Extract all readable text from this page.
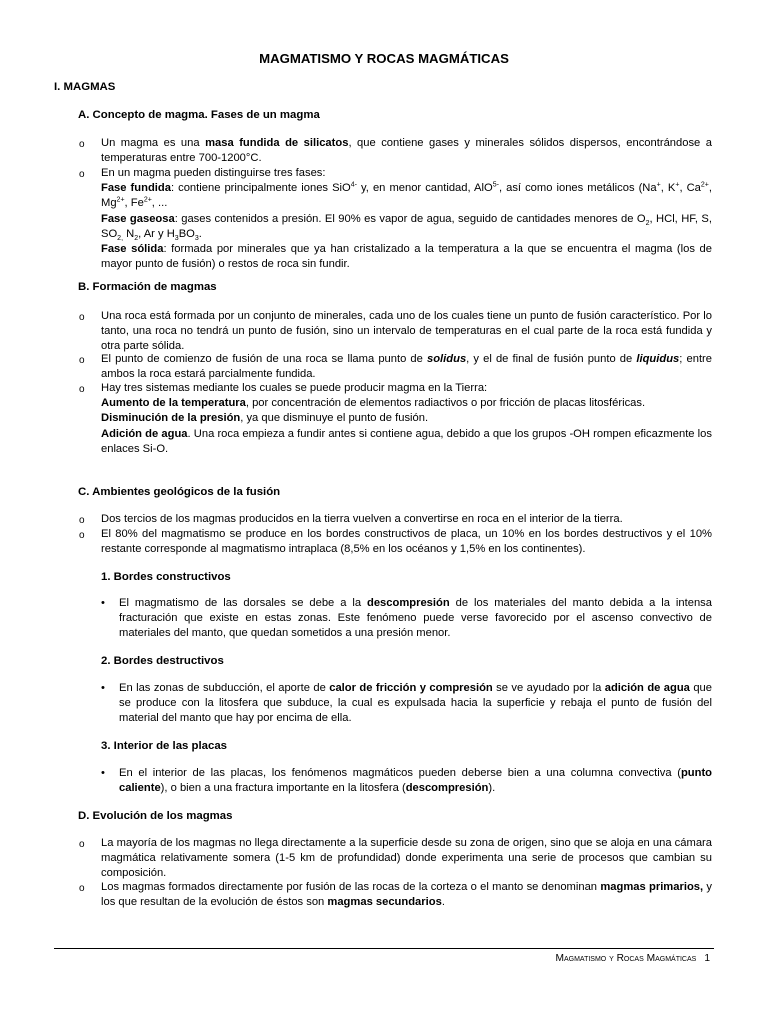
MAGMATISMO Y ROCAS MAGMÁTICAS
I. MAGMAS
A. Concepto de magma. Fases de un magma
o Un magma es una masa fundida de silicatos, que contiene gases y minerales sólidos dispersos, encontrándose a temperaturas entre 700-1200°C.
o En un magma pueden distinguirse tres fases:
Fase fundida: contiene principalmente iones SiO$^{4-}$ y, en menor cantidad, AlO$^{5-}$, así como iones metálicos (Na+, K+, $Ca^{2+}$, $Mg^{2+}$, $Fe^{2+}$, ...
Fase gaseosa: gases contenidos a presión. El 90% es vapor de agua, seguido de cantidades menores de $O_2$, HCl, HF, S, $SO_{2,}$ $N_2$, Ar y $H_3BO_3$.
Fase sólida: formada por minerales que ya han cristalizado a la temperatura a la que se encuentra el magma (los de mayor punto de fusión) o restos de roca sin fundir.
B. Formación de magmas
o Una roca está formada por un conjunto de minerales, cada uno de los cuales tiene un punto de fusión característico. Por lo tanto, una roca no tendrá un punto de fusión, sino un intervalo de temperaturas en el cual parte de la roca está fundida y otra parte sólida.
o El punto de comienzo de fusión de una roca se llama punto de solidus, y el de final de fusión punto de liquidus; entre ambos la roca estará parcialmente fundida.
o Hay tres sistemas mediante los cuales se puede producir magma en la Tierra:
Aumento de la temperatura, por concentración de elementos radiactivos o por fricción de placas litosféricas.
Disminución de la presión, ya que disminuye el punto de fusión.
Adición de agua. Una roca empieza a fundir antes si contiene agua, debido a que los grupos -OH rompen eficazmente los enlaces Si-O.
C. Ambientes geológicos de la fusión
o Dos tercios de los magmas producidos en la tierra vuelven a convertirse en roca en el interior de la tierra.
o El 80% del magmatismo se produce en los bordes constructivos de placa, un 10% en los bordes destructivos y el 10% restante corresponde al magmatismo intraplaca (8,5% en los océanos y 1,5% en los continentes).
1. Bordes constructivos
• El magmatismo de las dorsales se debe a la descompresión de los materiales del manto debida a la intensa fracturación que existe en estas zonas. Este fenómeno puede verse favorecido por el ascenso convectivo de materiales del manto, que quedan sometidos a una presión menor.
2. Bordes destructivos
• En las zonas de subducción, el aporte de calor de fricción y compresión se ve ayudado por la adición de agua que se produce con la litosfera que subduce, la cual es expulsada hacia la superficie y rebaja el punto de fusión del material del manto que hay por encima de ella.
3. Interior de las placas
• En el interior de las placas, los fenómenos magmáticos pueden deberse bien a una columna convectiva (punto caliente), o bien a una fractura importante en la litosfera (descompresión).
D. Evolución de los magmas
o La mayoría de los magmas no llega directamente a la superficie desde su zona de origen, sino que se aloja en una cámara magmática relativamente somera (1-5 km de profundidad) donde experimenta una serie de procesos que cambian su composición.
o Los magmas formados directamente por fusión de las rocas de la corteza o el manto se denominan magmas primarios, y los que resultan de la evolución de éstos son magmas secundarios.
Magmatismo y Rocas Magmáticas 1
